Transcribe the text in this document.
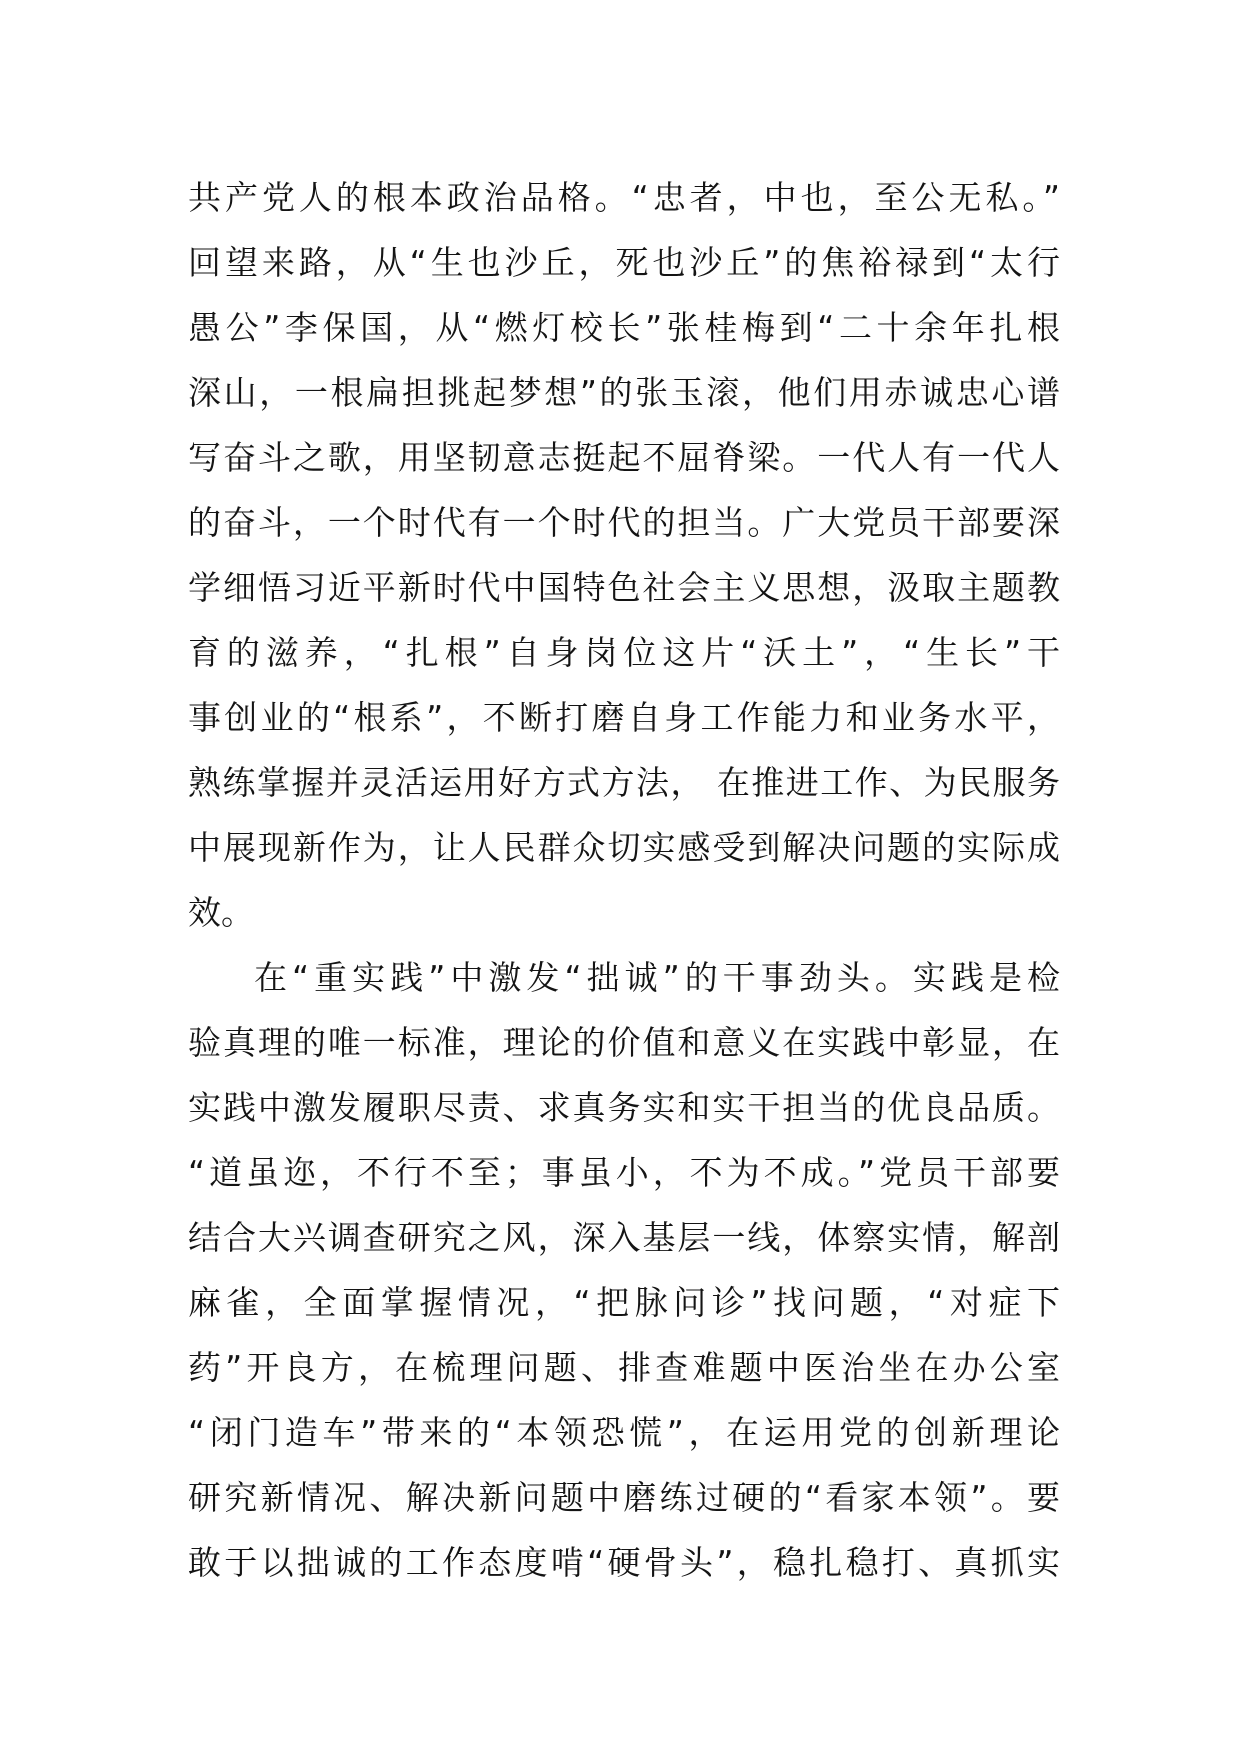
共产党人的根本政治品格。“忠者，中也，至公无私。”
回望来路，从“生也沙丘，死也沙丘”的焦裕禄到“太行
愚公”李保国，从“燃灯校长”张桂梅到“二十余年扎根
深山，一根扁担挑起梦想”的张玉滚，他们用赤诚忠心谱
写奋斗之歌，用坚韧意志挺起不屈脊梁。一代人有一代人
的奋斗，一个时代有一个时代的担当。广大党员干部要深
学细悟习近平新时代中国特色社会主义思想，汲取主题教
育的滋养，“扎根”自身岗位这片“沃土”，“生长”干
事创业的“根系”，不断打磨自身工作能力和业务水平，
熟练掌握并灵活运用好方式方法， 在推进工作、为民服务
中展现新作为，让人民群众切实感受到解决问题的实际成
效。
在“重实践”中激发“拙诚”的干事劲头。实践是检
验真理的唯一标准，理论的价值和意义在实践中彰显，在
实践中激发履职尽责、求真务实和实干担当的优良品质。
“道虽迩，不行不至；事虽小，不为不成。”党员干部要
结合大兴调查研究之风，深入基层一线，体察实情，解剖
麻雀，全面掌握情况，“把脉问诊”找问题，“对症下
药”开良方，在梳理问题、排查难题中医治坐在办公室
“闭门造车”带来的“本领恐慌”，在运用党的创新理论
研究新情况、解决新问题中磨练过硬的“看家本领”。要
敢于以拙诚的工作态度啃“硬骨头”，稳扎稳打、真抓实
